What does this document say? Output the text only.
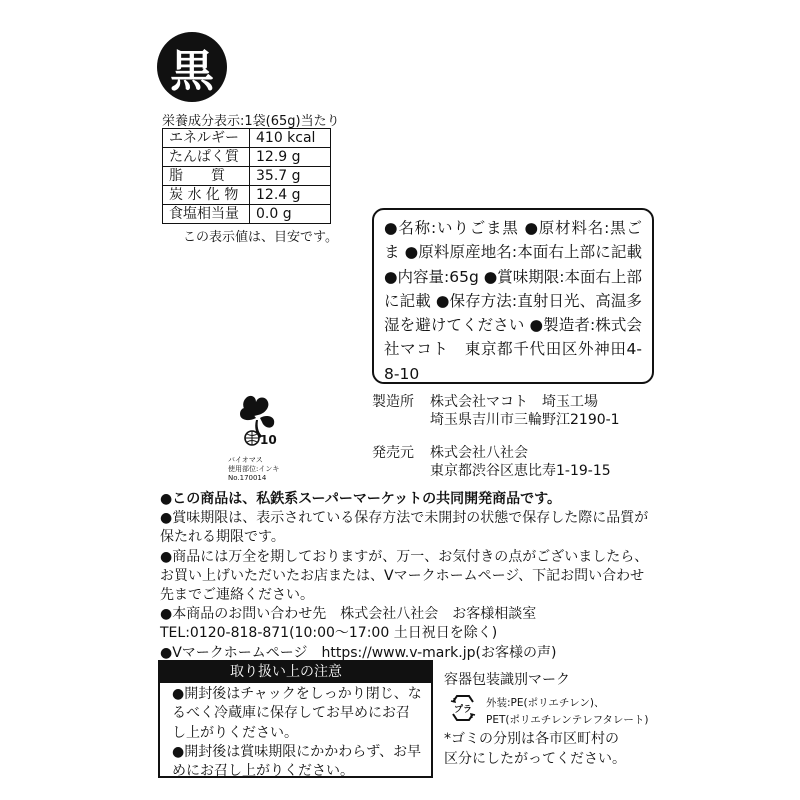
黒
栄養成分表示:1袋(65g)当たり
エネルギー	410 kcal
たんぱく質	12.9 g
脂　　質	35.7 g
炭 水 化 物	12.4 g
食塩相当量	0.0 g
この表示値は、目安です。
●名称:いりごま黒 ●原材料名:黒ごま ●原料原産地名:本面右上部に記載 ●内容量:65g ●賞味期限:本面右上部に記載 ●保存方法:直射日光、高温多湿を避けてください ●製造者:株式会社マコト　東京都千代田区外神田4-8-10
製造所 株式会社マコト　埼玉工場
埼玉県吉川市三輪野江2190-1
発売元 株式会社八社会
東京都渋谷区恵比寿1-19-15
10
バイオマス
使用部位:インキ
No.170014

●この商品は、私鉄系スーパーマーケットの共同開発商品です。

●賞味期限は、表示されている保存方法で未開封の状態で保存した際に品質が保たれる期限です。

●商品には万全を期しておりますが、万一、お気付きの点がございましたら、お買い上げいただいたお店または、Vマークホームページ、下記お問い合わせ先までご連絡ください。

●本商品のお問い合わせ先　株式会社八社会　お客様相談室

TEL:0120-818-871(10:00〜17:00 土日祝日を除く)

●Vマークホームページ　https://www.v-mark.jp(お客様の声)

取り扱い上の注意

●開封後はチャックをしっかり閉じ、なるべく冷蔵庫に保存してお早めにお召し上がりください。

●開封後は賞味期限にかかわらず、お早めにお召し上がりください。

容器包装識別マーク
プラ
外装:PE(ポリエチレン)、
PET(ポリエチレンテレフタレート)
*ゴミの分別は各市区町村の
区分にしたがってください。
